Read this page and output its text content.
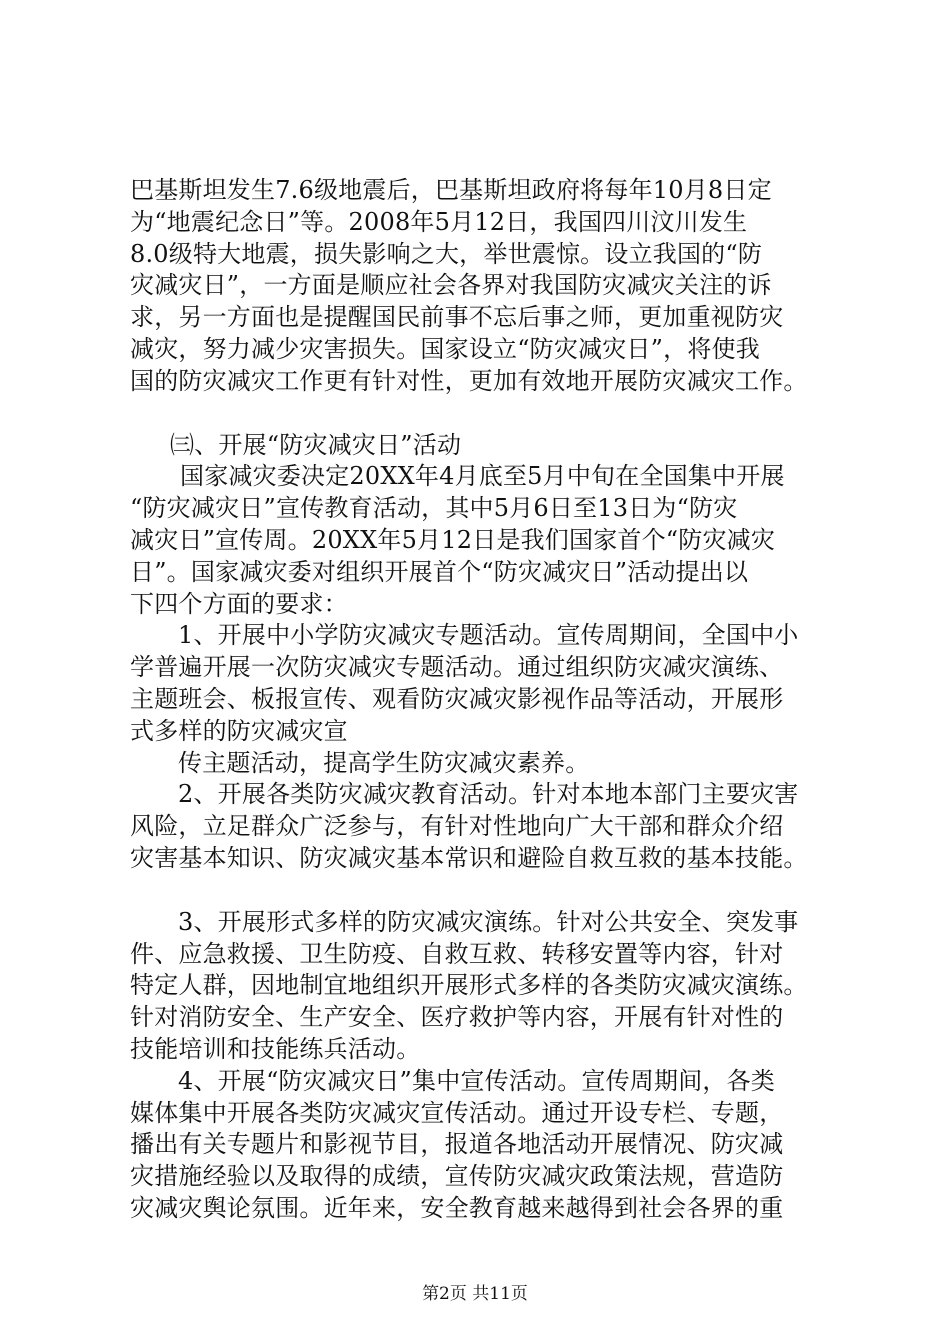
巴基斯坦发生7.6级地震后，巴基斯坦政府将每年10月8日定
为“地震纪念日”等。2008年5月12日，我国四川汶川发生
8.0级特大地震，损失影响之大，举世震惊。设立我国的“防
灾减灾日”，一方面是顺应社会各界对我国防灾减灾关注的诉
求，另一方面也是提醒国民前事不忘后事之师，更加重视防灾
减灾，努力减少灾害损失。国家设立“防灾减灾日”，将使我
国的防灾减灾工作更有针对性，更加有效地开展防灾减灾工作。
㈢、开展“防灾减灾日”活动
国家减灾委决定20XX年4月底至5月中旬在全国集中开展
“防灾减灾日”宣传教育活动，其中5月6日至13日为“防灾
减灾日”宣传周。20XX年5月12日是我们国家首个“防灾减灾
日”。国家减灾委对组织开展首个“防灾减灾日”活动提出以
下四个方面的要求：
1、开展中小学防灾减灾专题活动。宣传周期间，全国中小
学普遍开展一次防灾减灾专题活动。通过组织防灾减灾演练、
主题班会、板报宣传、观看防灾减灾影视作品等活动，开展形
式多样的防灾减灾宣
传主题活动，提高学生防灾减灾素养。
2、开展各类防灾减灾教育活动。针对本地本部门主要灾害
风险，立足群众广泛参与，有针对性地向广大干部和群众介绍
灾害基本知识、防灾减灾基本常识和避险自救互救的基本技能。
3、开展形式多样的防灾减灾演练。针对公共安全、突发事
件、应急救援、卫生防疫、自救互救、转移安置等内容，针对
特定人群，因地制宜地组织开展形式多样的各类防灾减灾演练。
针对消防安全、生产安全、医疗救护等内容，开展有针对性的
技能培训和技能练兵活动。
4、开展“防灾减灾日”集中宣传活动。宣传周期间，各类
媒体集中开展各类防灾减灾宣传活动。通过开设专栏、专题，
播出有关专题片和影视节目，报道各地活动开展情况、防灾减
灾措施经验以及取得的成绩，宣传防灾减灾政策法规，营造防
灾减灾舆论氛围。近年来，安全教育越来越得到社会各界的重
第2页 共11页
